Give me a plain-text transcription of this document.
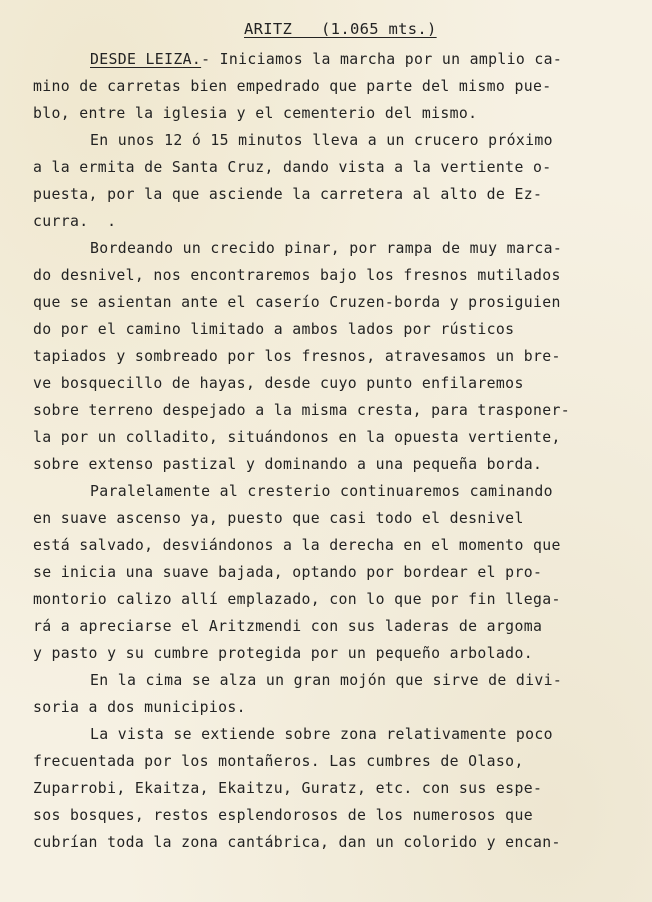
ARITZ   (1.065 mts.)
DESDE LEIZA.- Iniciamos la marcha por un amplio ca-
mino de carretas bien empedrado que parte del mismo pue-
blo, entre la iglesia y el cementerio del mismo.
En unos 12 ó 15 minutos lleva a un crucero próximo
a la ermita de Santa Cruz, dando vista a la vertiente o-
puesta, por la que asciende la carretera al alto de Ez-
curra.  .
Bordeando un crecido pinar, por rampa de muy marca-
do desnivel, nos encontraremos bajo los fresnos mutilados
que se asientan ante el caserío Cruzen-borda y prosiguien
do por el camino limitado a ambos lados por rústicos
tapiados y sombreado por los fresnos, atravesamos un bre-
ve bosquecillo de hayas, desde cuyo punto enfilaremos
sobre terreno despejado a la misma cresta, para trasponer-
la por un colladito, situándonos en la opuesta vertiente,
sobre extenso pastizal y dominando a una pequeña borda.
Paralelamente al cresterio continuaremos caminando
en suave ascenso ya, puesto que casi todo el desnivel
está salvado, desviándonos a la derecha en el momento que
se inicia una suave bajada, optando por bordear el pro-
montorio calizo allí emplazado, con lo que por fin llega-
rá a apreciarse el Aritzmendi con sus laderas de argoma
y pasto y su cumbre protegida por un pequeño arbolado.
En la cima se alza un gran mojón que sirve de divi-
soria a dos municipios.
La vista se extiende sobre zona relativamente poco
frecuentada por los montañeros. Las cumbres de Olaso,
Zuparrobi, Ekaitza, Ekaitzu, Guratz, etc. con sus espe-
sos bosques, restos esplendorosos de los numerosos que
cubrían toda la zona cantábrica, dan un colorido y encan-
